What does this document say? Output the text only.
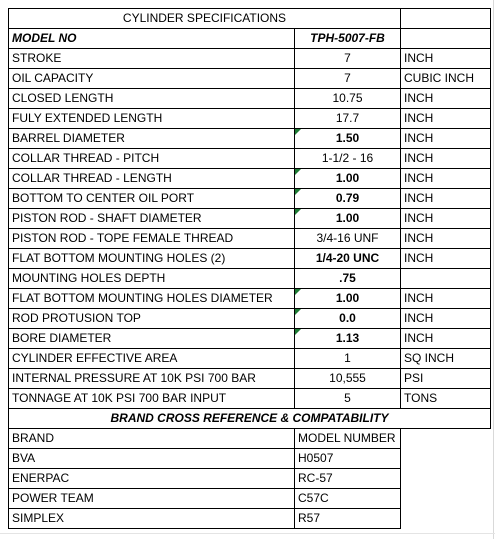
CYLINDER SPECIFICATIONS		
MODEL NO	TPH-5007-FB	
STROKE	7	INCH
OIL CAPACITY	7	CUBIC INCH
CLOSED LENGTH	10.75	INCH
FULY EXTENDED LENGTH	17.7	INCH
BARREL DIAMETER	1.50	INCH
COLLAR THREAD - PITCH	1-1/2 - 16	INCH
COLLAR THREAD - LENGTH	1.00	INCH
BOTTOM TO CENTER OIL PORT	0.79	INCH
PISTON ROD - SHAFT DIAMETER	1.00	INCH
PISTON ROD - TOPE FEMALE THREAD	3/4-16 UNF	INCH
FLAT BOTTOM MOUNTING HOLES (2)	1/4-20 UNC	INCH
MOUNTING HOLES DEPTH	.75	
FLAT BOTTOM MOUNTING HOLES DIAMETER	1.00	INCH
ROD PROTUSION TOP	0.0	INCH
BORE DIAMETER	1.13	INCH
CYLINDER EFFECTIVE AREA	1	SQ INCH
INTERNAL PRESSURE AT 10K PSI 700 BAR	10,555	PSI
TONNAGE AT 10K PSI 700 BAR INPUT	5	TONS
BRAND CROSS REFERENCE & COMPATABILITY		
BRAND	MODEL NUMBER	
BVA	H0507	
ENERPAC	RC-57	
POWER TEAM	C57C	
SIMPLEX	R57	
